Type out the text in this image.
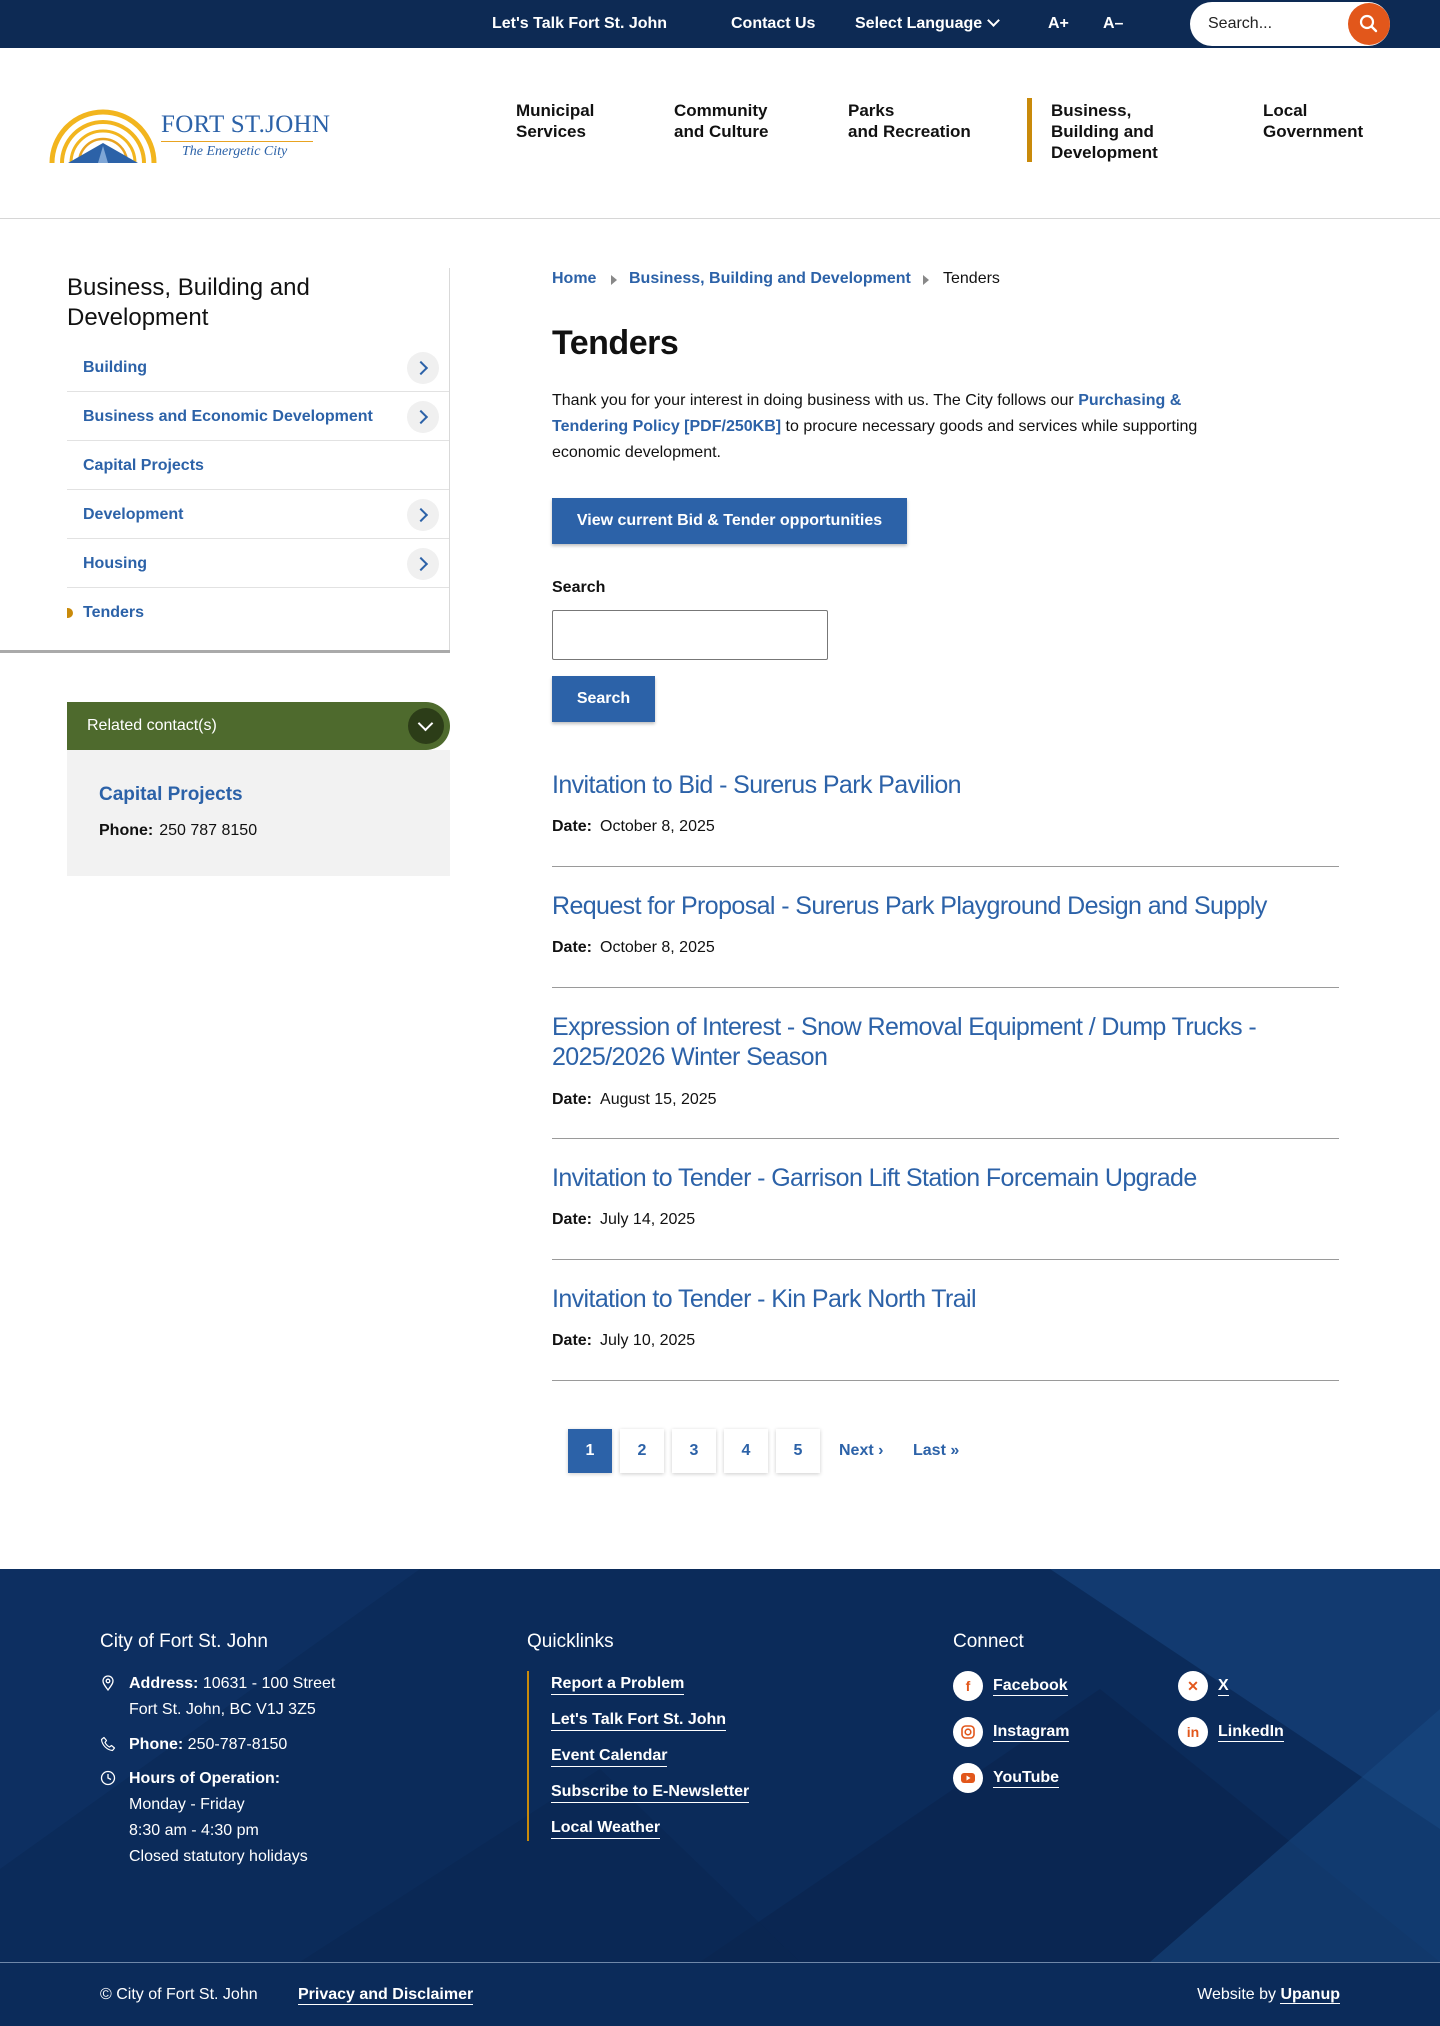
Let's Talk Fort St. John	Contact Us Select Language	A+ A–
Search...
FORT ST.JOHN
The Energetic City
Municipal
Services
Community
and Culture
Parks
and Recreation
Business,
Building and
Development
Local
Government
Business, Building and Development
Building
Business and Economic Development
Capital Projects
Development
Housing
Tenders
Related contact(s)
Capital Projects
Phone: 250 787 8150
Home Business, Building and Development Tenders
Tenders

Thank you for your interest in doing business with us. The City follows our Purchasing & Tendering Policy [PDF/250KB] to procure necessary goods and services while supporting economic development.

View current Bid & Tender opportunities
Search
Search
Invitation to Bid - Surerus Park Pavilion
Date: October 8, 2025
Request for Proposal - Surerus Park Playground Design and Supply
Date: October 8, 2025
Expression of Interest - Snow Removal Equipment / Dump Trucks - 2025/2026 Winter Season
Date: August 15, 2025
Invitation to Tender - Garrison Lift Station Forcemain Upgrade
Date: July 14, 2025
Invitation to Tender - Kin Park North Trail
Date: July 10, 2025
1	2	3	4	5	Next › Last »
City of Fort St. John	Quicklinks	Connect
Address: 10631 - 100 Street
Fort St. John, BC V1J 3Z5
Phone: 250-787-8150
Hours of Operation:
Monday - Friday
8:30 am - 4:30 pm
Closed statutory holidays
Report a Problem
Let's Talk Fort St. John
Event Calendar
Subscribe to E-Newsletter
Local Weather
f	Facebook	✕	X
Instagram	in	LinkedIn
YouTube
© City of Fort St. John	Privacy and Disclaimer	Website by Upanup
